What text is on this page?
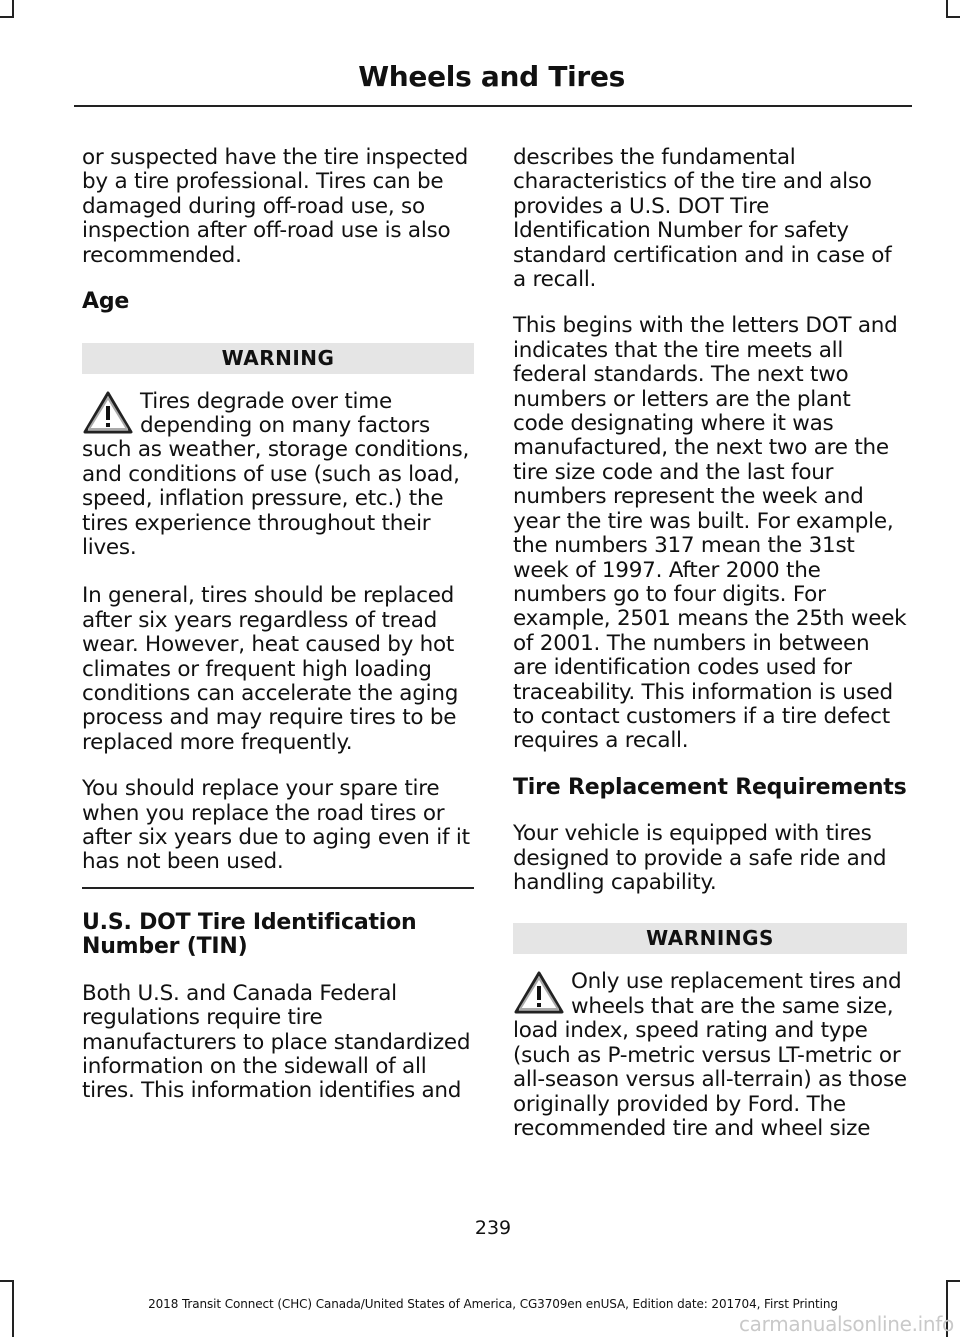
Wheels and Tires

or suspected have the tire inspected by a tire professional. Tires can be damaged during off-road use, so inspection after off-road use is also recommended.

Age
WARNING

Tires degrade over time depending on many factors such as weather, storage conditions, and conditions of use (such as load, speed, inflation pressure, etc.) the tires experience throughout their lives.

In general, tires should be replaced after six years regardless of tread wear. However, heat caused by hot climates or frequent high loading conditions can accelerate the aging process and may require tires to be replaced more frequently.

You should replace your spare tire when you replace the road tires or after six years due to aging even if it has not been used.

U.S. DOT Tire Identification Number (TIN)

Both U.S. and Canada Federal regulations require tire manufacturers to place standardized information on the sidewall of all tires. This information identifies and

describes the fundamental characteristics of the tire and also provides a U.S. DOT Tire Identification Number for safety standard certification and in case of a recall.

This begins with the letters DOT and indicates that the tire meets all federal standards. The next two numbers or letters are the plant code designating where it was manufactured, the next two are the tire size code and the last four numbers represent the week and year the tire was built. For example, the numbers 317 mean the 31st week of 1997. After 2000 the numbers go to four digits. For example, 2501 means the 25th week of 2001. The numbers in between are identification codes used for traceability. This information is used to contact customers if a tire defect requires a recall.

Tire Replacement Requirements

Your vehicle is equipped with tires designed to provide a safe ride and handling capability.

WARNINGS

Only use replacement tires and wheels that are the same size, load index, speed rating and type (such as P-metric versus LT-metric or all-season versus all-terrain) as those originally provided by Ford. The recommended tire and wheel size

239
2018 Transit Connect (CHC) Canada/United States of America, CG3709en enUSA, Edition date: 201704, First Printing
carmanualsonline.info
